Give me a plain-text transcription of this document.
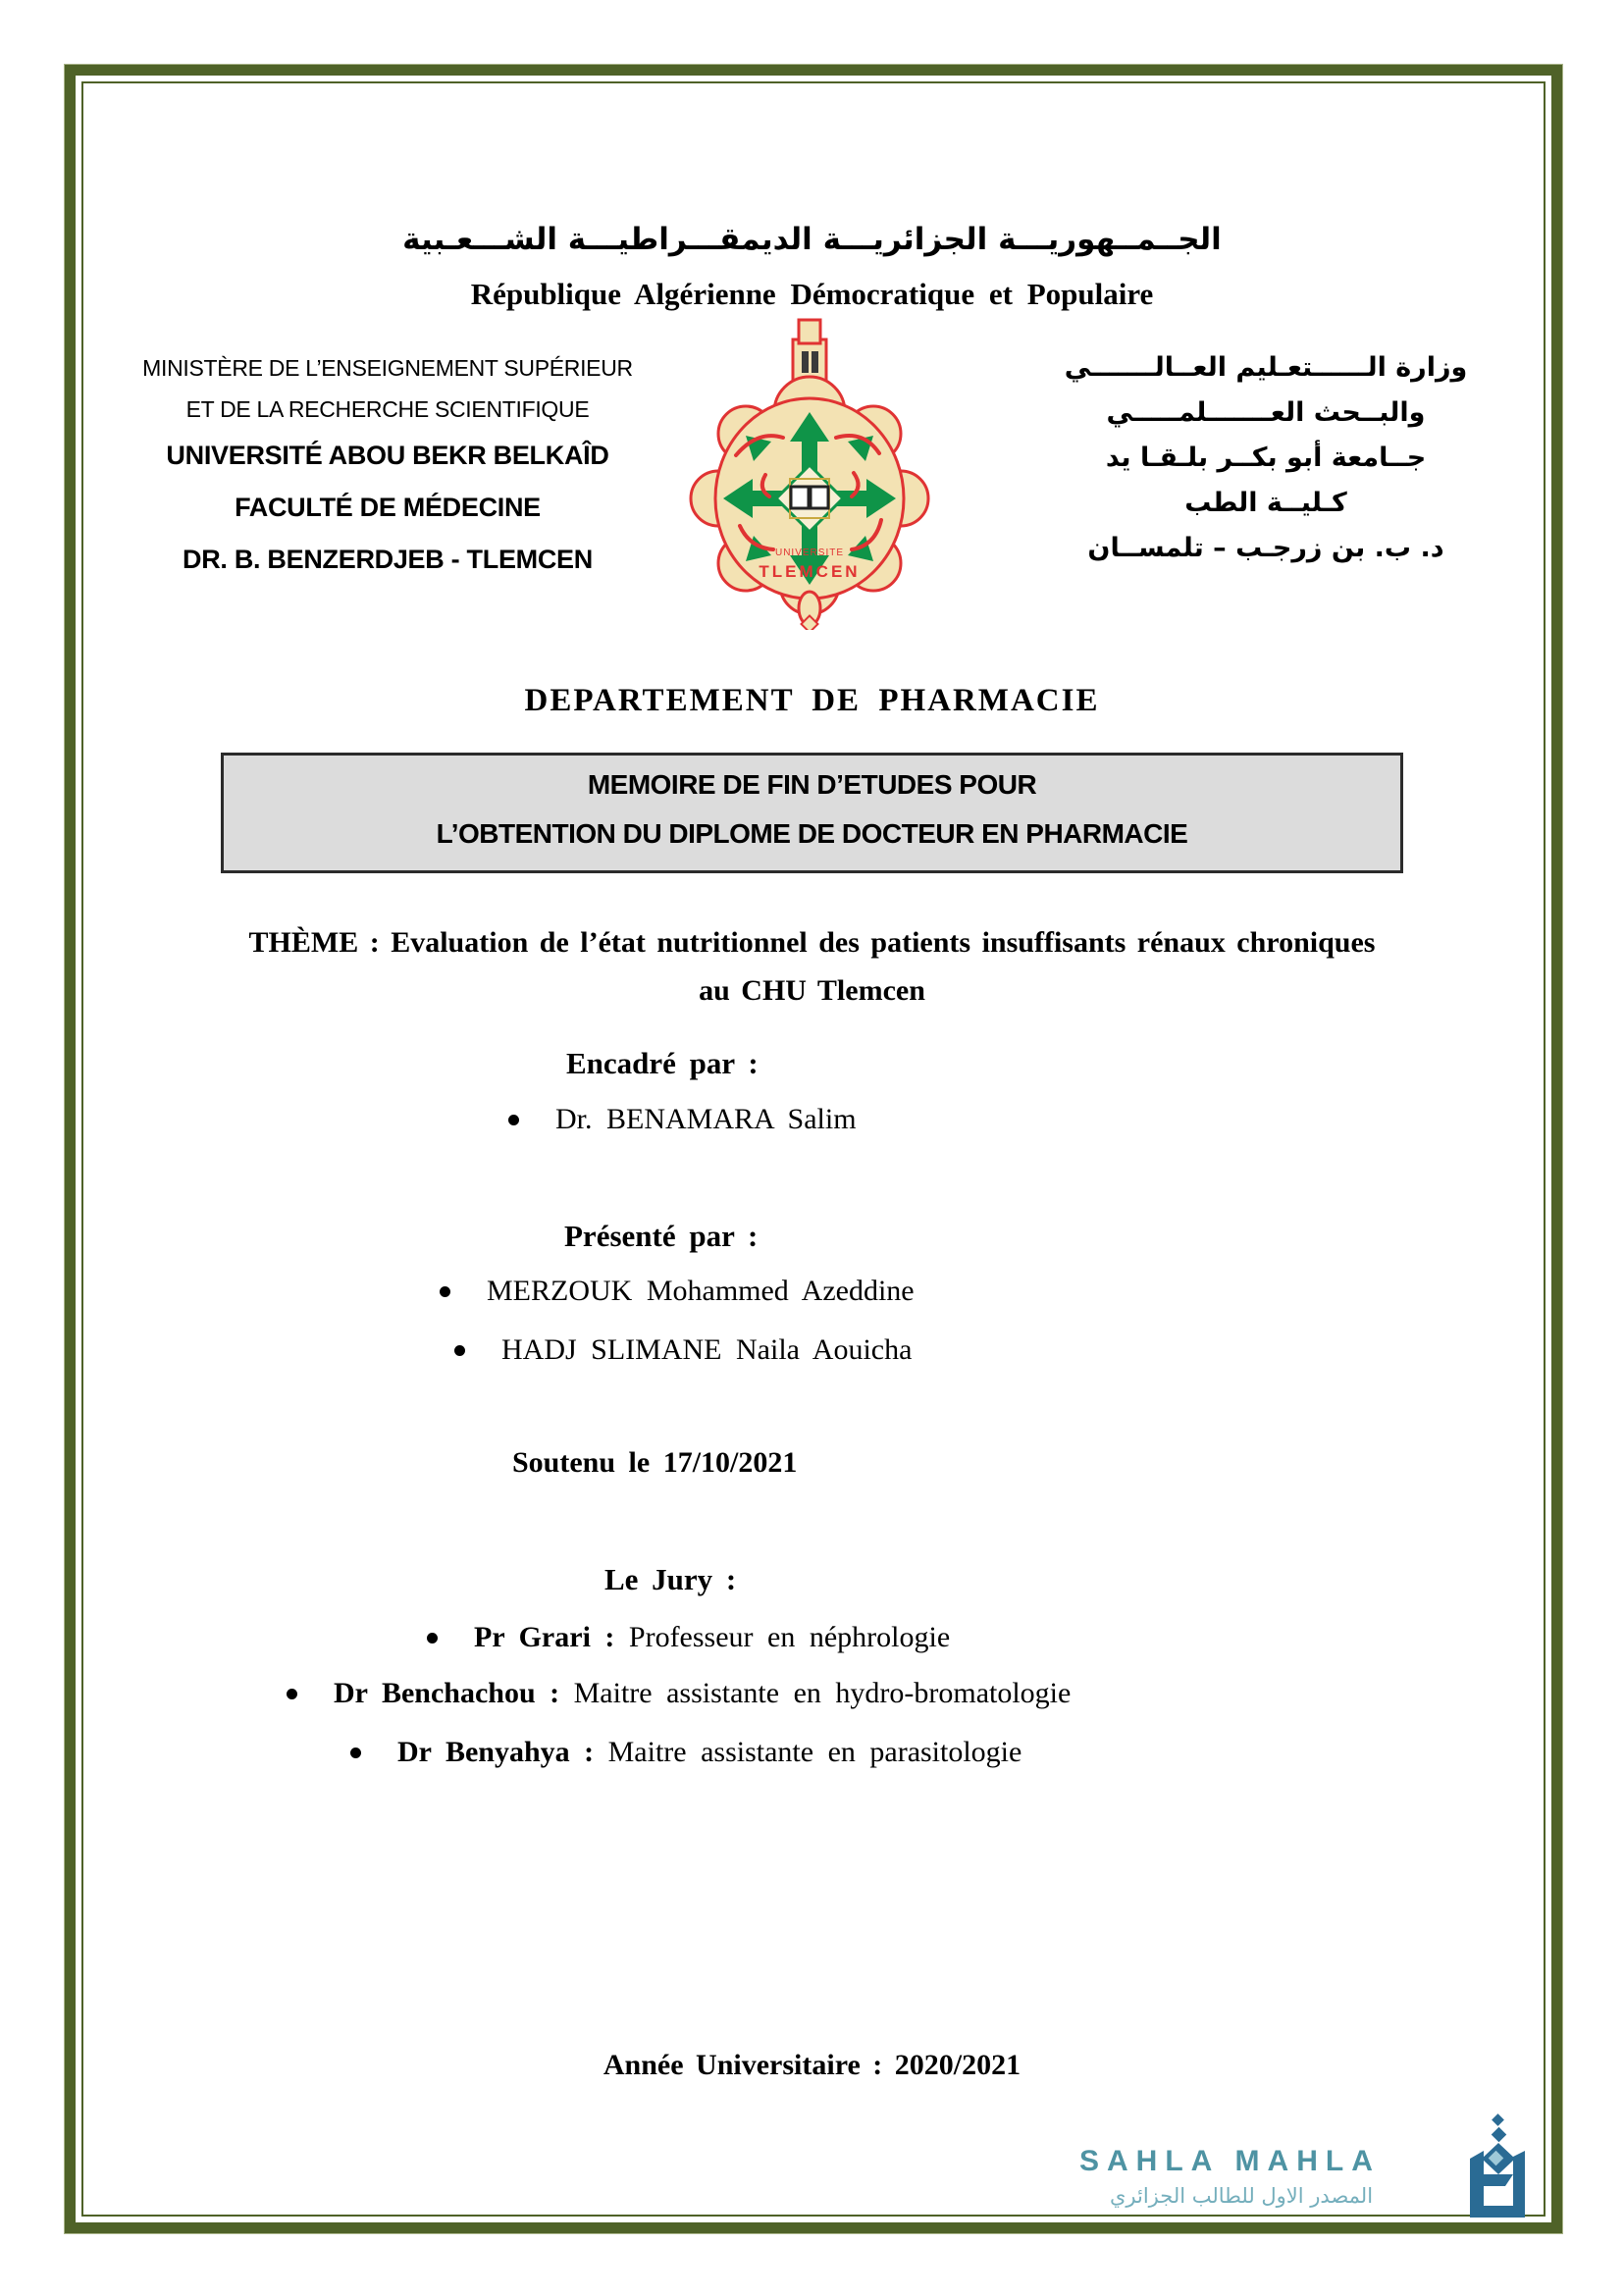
الجــمــهوريـــة الجزائريـــة الديمقـــراطيـــة الشـــعـبية
République Algérienne Démocratique et Populaire
MINISTÈRE DE L’ENSEIGNEMENT SUPÉRIEUR
ET DE LA RECHERCHE SCIENTIFIQUE
UNIVERSITÉ ABOU BEKR BELKAÎD
FACULTÉ DE MÉDECINE
DR. B. BENZERDJEB - TLEMCEN	UNIVERSITE
TLEMCEN
وزارة الــــــتعـليم العــالـــــــي
والبــحث العـــــــلمـــــي
جــامعة أبو بكــر بلـقـا يد
كـليــة الطب
د. ب. بن زرجـب – تلمســان
DEPARTEMENT DE PHARMACIE
MEMOIRE DE FIN D’ETUDES POUR
L’OBTENTION DU DIPLOME DE DOCTEUR EN PHARMACIE
THÈME : Evaluation de l’état nutritionnel des patients insuffisants rénaux chroniques
au CHU Tlemcen
Encadré par :
Dr. BENAMARA Salim
Présenté par :
MERZOUK Mohammed Azeddine
HADJ SLIMANE Naila Aouicha
Soutenu le 17/10/2021
Le Jury :
Pr Grari : Professeur en néphrologie
Dr Benchachou : Maitre assistante en hydro-bromatologie
Dr Benyahya : Maitre assistante en parasitologie
Année Universitaire : 2020/2021
SAHLA MAHLA
المصدر الاول للطالب الجزائري
